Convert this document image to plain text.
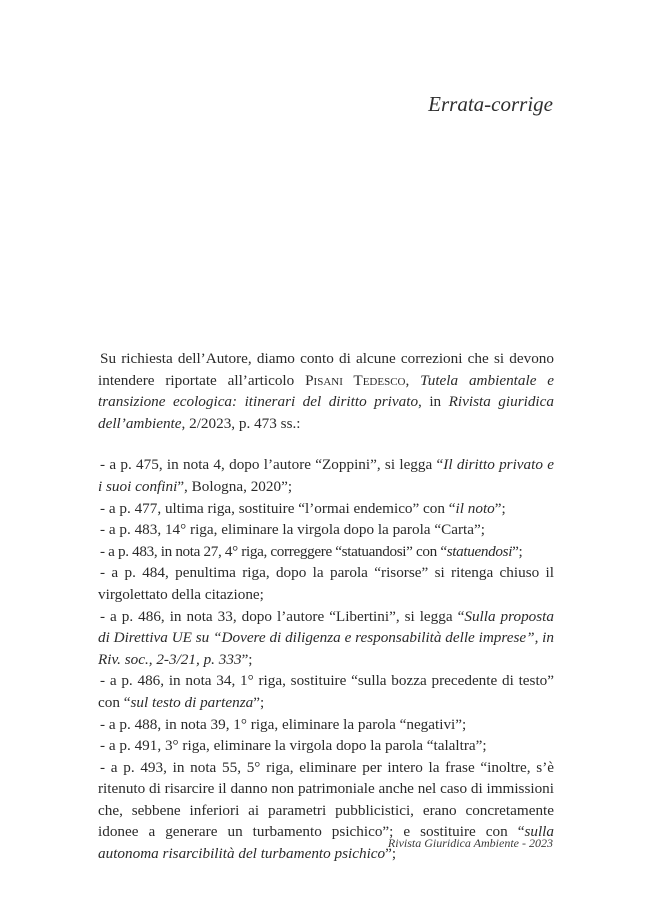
Errata-corrige

Su richiesta dell’Autore, diamo conto di alcune correzioni che si devono intendere riportate all’articolo Pisani Tedesco, Tutela ambientale e transizione ecologica: itinerari del diritto privato, in Rivista giuridica dell’ambiente, 2/2023, p. 473 ss.:

- a p. 475, in nota 4, dopo l’autore “Zoppini”, si legga “Il diritto privato e i suoi confini”, Bologna, 2020”;

- a p. 477, ultima riga, sostituire “l’ormai endemico” con “il noto”;

- a p. 483, 14° riga, eliminare la virgola dopo la parola “Carta”;

- a p. 483, in nota 27, 4° riga, correggere “statuandosi” con “statuendosi”;

- a p. 484, penultima riga, dopo la parola “risorse” si ritenga chiuso il virgolettato della citazione;

- a p. 486, in nota 33, dopo l’autore “Libertini”, si legga “Sulla proposta di Direttiva UE su “Dovere di diligenza e responsabilità delle imprese”, in Riv. soc., 2-3/21, p. 333”;

- a p. 486, in nota 34, 1° riga, sostituire “sulla bozza precedente di testo” con “sul testo di partenza”;

- a p. 488, in nota 39, 1° riga, eliminare la parola “negativi”;

- a p. 491, 3° riga, eliminare la virgola dopo la parola “talaltra”;

- a p. 493, in nota 55, 5° riga, eliminare per intero la frase “inoltre, s’è ritenuto di risarcire il danno non patrimoniale anche nel caso di immissioni che, sebbene inferiori ai parametri pubblicistici, erano concretamente idonee a generare un turbamento psichico”; e sostituire con “sulla autonoma risarcibilità del turbamento psichico”;

Rivista Giuridica Ambiente - 2023
